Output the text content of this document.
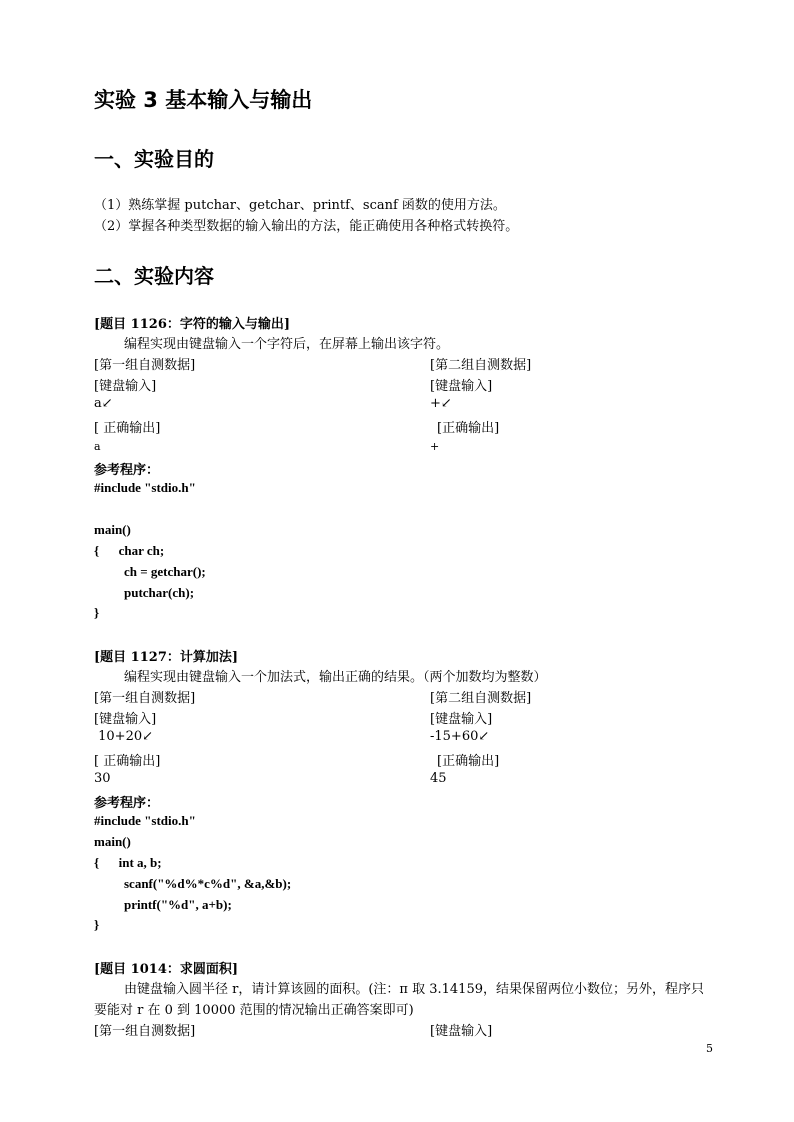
实验 3 基本输入与输出
一、实验目的
（1）熟练掌握 putchar、getchar、printf、scanf 函数的使用方法。
（2）掌握各种类型数据的输入输出的方法，能正确使用各种格式转换符。
二、实验内容
[题目 1126：字符的输入与输出]
编程实现由键盘输入一个字符后，在屏幕上输出该字符。
[第一组自测数据]	[第二组自测数据]
[键盘输入]	[键盘输入]
a↙	+↙
[ 正确输出]	[正确输出]
a	+
参考程序：
#include "stdio.h"
main()
{      char ch;
ch = getchar();
putchar(ch);
}
[题目 1127：计算加法]
编程实现由键盘输入一个加法式，输出正确的结果。（两个加数均为整数）
[第一组自测数据]	[第二组自测数据]
[键盘输入]	[键盘输入]
10+20↙	-15+60↙
[ 正确输出]	[正确输出]
30	45
参考程序：
#include "stdio.h"
main()
{      int a, b;
scanf("%d%*c%d", &a,&b);
printf("%d", a+b);
}
[题目 1014：求圆面积]
由键盘输入圆半径 r，请计算该圆的面积。(注：π 取 3.14159，结果保留两位小数位；另外，程序只
要能对 r 在 0 到 10000 范围的情况输出正确答案即可)
[第一组自测数据]	[键盘输入]
5
